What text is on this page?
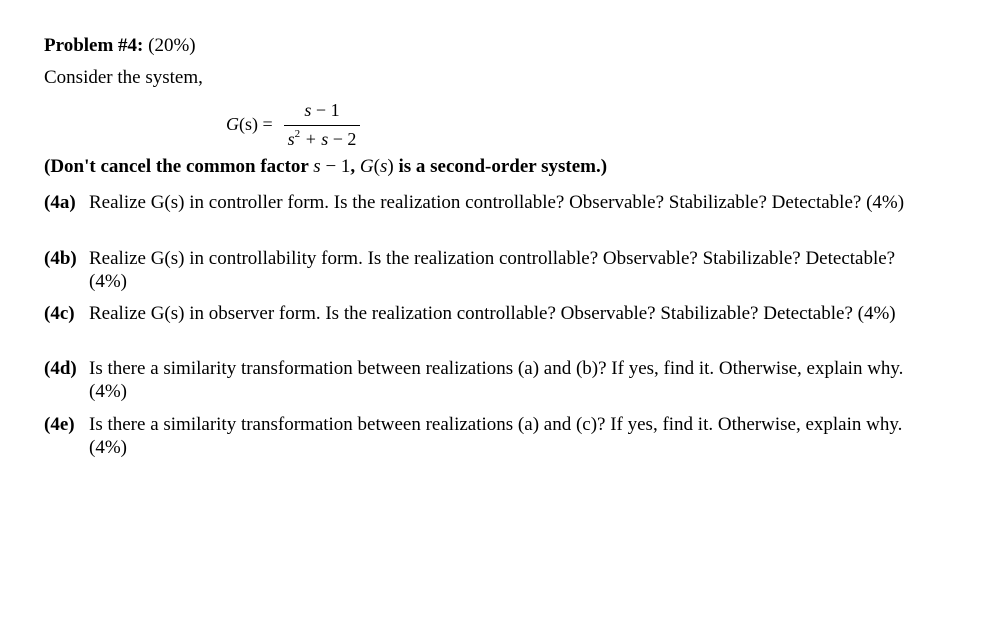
Problem #4: (20%)
Consider the system,
G(s) =
s − 1
$s^2 + s - 2$
(Don't cancel the common factor s − 1, G(s) is a second-order system.)
(4a) Realize G(s) in controller form. Is the realization controllable? Observable? Stabilizable? Detectable? (4%)
(4b) Realize G(s) in controllability form. Is the realization controllable? Observable? Stabilizable? Detectable? (4%)
(4c) Realize G(s) in observer form. Is the realization controllable? Observable? Stabilizable? Detectable? (4%)
(4d) Is there a similarity transformation between realizations (a) and (b)? If yes, find it. Otherwise, explain why. (4%)
(4e) Is there a similarity transformation between realizations (a) and (c)? If yes, find it. Otherwise, explain why. (4%)
